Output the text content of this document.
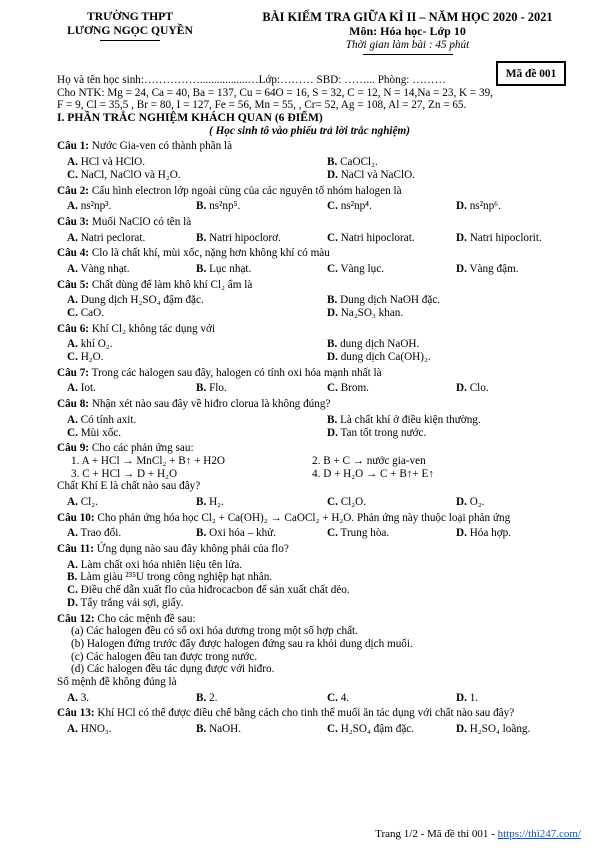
TRƯỜNG THPT
LƯƠNG NGỌC QUYỀN
BÀI KIỂM TRA GIỮA KÌ II – NĂM HỌC 2020 - 2021
Môn: Hóa học- Lớp 10
Thời gian làm bài : 45 phút
Mã đề 001
Họ và tên học sinh:…………….................…Lớp:……… SBD: ……... Phòng: ………
Cho NTK: Mg = 24, Ca = 40, Ba = 137, Cu = 64O = 16, S = 32, C = 12, N = 14,Na = 23, K = 39,
F = 9, Cl = 35,5 , Br = 80, I = 127, Fe = 56, Mn = 55, , Cr= 52, Ag = 108, Al = 27, Zn = 65.
I. PHẦN TRẮC NGHIỆM KHÁCH QUAN (6 ĐIỂM)
( Học sinh tô vào phiếu trả lời trắc nghiệm)
Câu 1: Nước Gia-ven có thành phần là
A. HCl và HClO.	B. CaOCl₂.
C. NaCl, NaClO và H₂O.	D. NaCl và NaClO.
Câu 2: Cấu hình electron lớp ngoài cùng của các nguyên tố nhóm halogen là
A. ns²np³.	B. ns²np⁵.	C. ns²np⁴.	D. ns²np⁶.
Câu 3: Muối NaClO có tên là
A. Natri peclorat.	B. Natri hipoclorơ.	C. Natri hipoclorat.	D. Natri hipoclorit.
Câu 4: Clo là chất khí, mùi xốc, nặng hơn không khí có màu
A. Vàng nhạt.	B. Lục nhạt.	C. Vàng lục.	D. Vàng đậm.
Câu 5: Chất dùng để làm khô khí Cl₂ ẩm là
A. Dung dịch H₂SO₄ đậm đặc.	B. Dung dịch NaOH đặc.
C. CaO.	D. Na₂SO₃ khan.
Câu 6: Khí Cl₂ không tác dụng với
A. khí O₂.	B. dung dịch NaOH.
C. H₂O.	D. dung dịch Ca(OH)₂.
Câu 7: Trong các halogen sau đây, halogen có tính oxi hóa mạnh nhất là
A. Iot.	B. Flo.	C. Brom.	D. Clo.
Câu 8: Nhận xét nào sau đây về hiđro clorua là không đúng?
A. Có tính axit.	B. Là chất khí ở điều kiện thường.
C. Mùi xốc.	D. Tan tốt trong nước.
Câu 9: Cho các phản ứng sau:
1. A + HCl → MnCl₂ + B↑ + H2O	2. B + C → nước gia-ven
3. C + HCl → D + H₂O	4. D + H₂O → C + B↑+ E↑
Chất Khí E là chất nào sau đây?
A. Cl₂.	B. H₂.	C. Cl₂O.	D. O₂.
Câu 10: Cho phản ứng hóa học Cl₂ + Ca(OH)₂ → CaOCl₂ + H₂O. Phản ứng này thuộc loại phản ứng
A. Trao đổi.	B. Oxi hóa – khử.	C. Trung hòa.	D. Hóa hợp.
Câu 11: Ứng dụng nào sau đây không phải của flo?
A. Làm chất oxi hóa nhiên liệu tên lửa.
B. Làm giàu ²³⁵U trong công nghiệp hạt nhân.
C. Điều chế dẫn xuất flo của hiđrocacbon để sản xuất chất dẻo.
D. Tẩy trắng vải sợi, giấy.
Câu 12: Cho các mệnh đề sau:
(a) Các halogen đều có số oxi hóa dương trong một số hợp chất.
(b) Halogen đứng trước đẩy được halogen đứng sau ra khỏi dung dịch muối.
(c) Các halogen đều tan được trong nước.
(d) Các halogen đều tác dụng được với hiđro.
Số mệnh đề không đúng là
A. 3.	B. 2.	C. 4.	D. 1.
Câu 13: Khí HCl có thể được điều chế bằng cách cho tinh thể muối ăn tác dụng với chất nào sau đây?
A. HNO₃.	B. NaOH.	C. H₂SO₄ đậm đặc.	D. H₂SO₄ loãng.
Trang 1/2 - Mã đề thi 001 - https://thi247.com/
